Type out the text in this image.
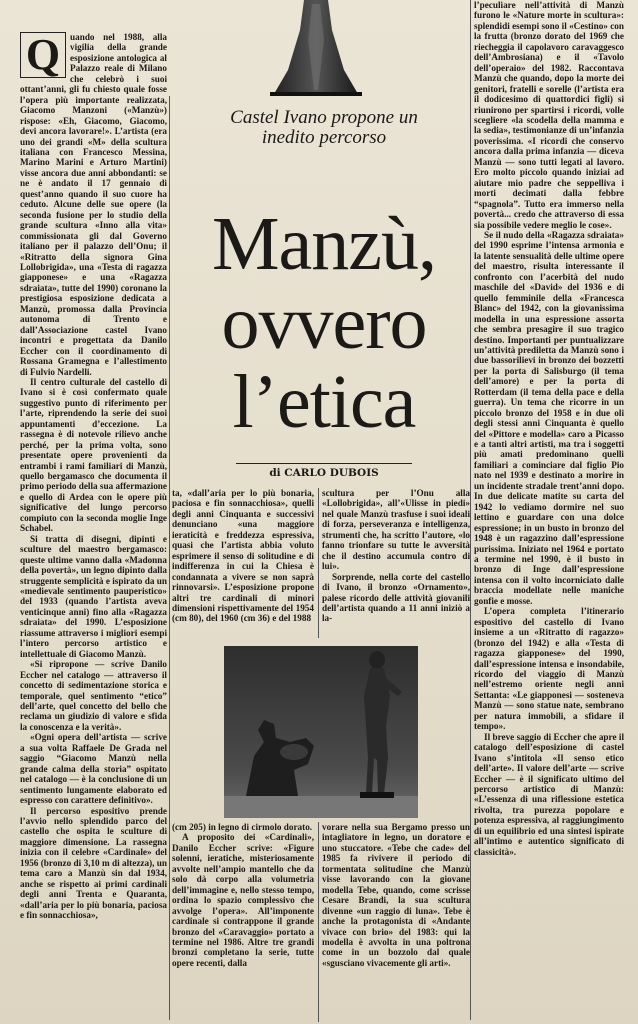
Castel Ivano propone un inedito percorso
Manzù,
ovvero
l’etica
di CARLO DUBOIS
Q	uando nel 1988, alla vigilia della grande esposizione antologica al Palazzo reale di Milano che celebrò i suoi ottant’anni, gli fu chiesto quale fosse l’opera più importante realizzata, Giacomo Manzoni («Manzù») rispose: «Eh, Giacomo, Giacomo, devi ancora lavorare!». L’artista (era uno dei grandi «M» della scultura italiana con Francesco Messina, Marino Marini e Arturo Martini) visse ancora due anni abbondanti: se ne è andato il 17 gennaio di quest’anno quando il suo cuore ha ceduto. Alcune delle sue opere (la seconda fusione per lo studio della grande scultura «Inno alla vita» commissionata gli dal Governo italiano per il palazzo dell’Onu; il «Ritratto della signora Gina Lollobrigida», una «Testa di ragazza giapponese» e una «Ragazza sdraiata», tutte del 1990) coronano la prestigiosa esposizione dedicata a Manzù, promossa dalla Provincia autonoma di Trento e dall’Associazione castel Ivano incontri e progettata da Danilo Eccher con il coordinamento di Rossana Gramegna e l’allestimento di Fulvio Nardelli.

Il centro culturale del castello di Ivano si è così confermato quale suggestivo punto di riferimento per l’arte, riprendendo la serie dei suoi appuntamenti d’eccezione. La rassegna è di notevole rilievo anche perché, per la prima volta, sono presentate opere provenienti da entrambi i rami familiari di Manzù, quello bergamasco che documenta il primo periodo della sua affermazione e quello di Ardea con le opere più significative del lungo percorso compiuto con la seconda moglie Inge Schabel.

Si tratta di disegni, dipinti e sculture del maestro bergamasco: queste ultime vanno dalla «Madonna della povertà», un legno dipinto dalla struggente semplicità e ispirato da un «medievale sentimento pauperistico» del 1933 (quando l’artista aveva venticinque anni) fino alla «Ragazza sdraiata» del 1990. L’esposizione riassume attraverso i migliori esempi l’intero percorso artistico e intellettuale di Giacomo Manzù.

«Si ripropone — scrive Danilo Eccher nel catalogo — attraverso il concetto di sedimentazione storica e temporale, quel sentimento “etico” dell’arte, quel concetto del bello che reclama un giudizio di valore e sfida la conoscenza e la verità».

«Ogni opera dell’artista — scrive a sua volta Raffaele De Grada nel saggio “Giacomo Manzù nella grande calma della storia” ospitato nel catalogo — è la conclusione di un sentimento lungamente elaborato ed espresso con carattere definitivo».

Il percorso espositivo prende l’avvio nello splendido parco del castello che ospita le sculture di maggiore dimensione. La rassegna inizia con il celebre «Cardinale» del 1956 (bronzo di 3,10 m di altezza), un tema caro a Manzù sin dal 1934, anche se rispetto ai primi cardinali degli anni Trenta e Quaranta, «dall’aria per lo più bonaria, paciosa e fin sonnacchiosa»,

ta, «dall’aria per lo più bonaria, paciosa e fin sonnacchiosa», quelli degli anni Cinquanta e successivi denunciano «una maggiore ieraticità e freddezza espressiva, quasi che l’artista abbia voluto esprimere il senso di solitudine e di indifferenza in cui la Chiesa è condannata a vivere se non saprà rinnovarsi». L’esposizione propone altri tre cardinali di minori dimensioni rispettivamente del 1954 (cm 80), del 1960 (cm 36) e del 1988

scultura per l’Onu alla «Lollobrigida», all’«Ulisse in piedi» nel quale Manzù trasfuse i suoi ideali di forza, perseveranza e intelligenza, strumenti che, ha scritto l’autore, «lo fanno trionfare su tutte le avversità che il destino accumula contro di lui».

Sorprende, nella corte del castello di Ivano, il bronzo «Ornamento», palese ricordo delle attività giovanili dell’artista quando a 11 anni iniziò a la-

(cm 205) in legno di cirmolo dorato.

A proposito dei «Cardinali», Danilo Eccher scrive: «Figure solenni, ieratiche, misteriosamente avvolte nell’ampio mantello che da solo dà corpo alla volumetria dell’immagine e, nello stesso tempo, ordina lo spazio complessivo che avvolge l’opera». All’imponente cardinale si contrappone il grande bronzo del «Caravaggio» portato a termine nel 1986. Altre tre grandi bronzi completano la serie, tutte opere recenti, dalla

vorare nella sua Bergamo presso un intagliatore in legno, un doratore e uno stuccatore. «Tebe che cade» del 1985 fa rivivere il periodo di tormentata solitudine che Manzù visse lavorando con la giovane modella Tebe, quando, come scrisse Cesare Brandi, la sua scultura divenne «un raggio di luna». Tebe è anche la protagonista di «Andante vivace con brio» del 1983: qui la modella è avvolta in una poltrona come in un bozzolo dal quale «sgusciano vivacemente gli arti».

l’peculiare nell’attività di Manzù furono le «Nature morte in scultura»: splendidi esempi sono il «Cestino» con la frutta (bronzo dorato del 1969 che riecheggia il capolavoro caravaggesco dell’Ambrosiana) e il «Tavolo dell’operaio» del 1982. Raccontava Manzù che quando, dopo la morte dei genitori, fratelli e sorelle (l’artista era il dodicesimo di quattordici figli) si riunirono per spartirsi i ricordi, volle scegliere «la scodella della mamma e la sedia», testimonianze di un’infanzia poverissima. «I ricordi che conservo ancora dalla prima infanzia — diceva Manzù — sono tutti legati al lavoro. Ero molto piccolo quando iniziai ad aiutare mio padre che seppelliva i morti decimati dalla febbre “spagnola”. Tutto era immerso nella povertà... credo che attraverso di essa sia possibile vedere meglio le cose».

Se il nudo della «Ragazza sdraiata» del 1990 esprime l’intensa armonia e la latente sensualità delle ultime opere del maestro, risulta interessante il confronto con l’acerbità del nudo maschile del «David» del 1936 e di quello femminile della «Francesca Blanc» del 1942, con la giovanissima modella in una espressione assorta che sembra presagire il suo tragico destino. Importanti per puntualizzare un’attività prediletta da Manzù sono i due bassorilievi in bronzo dei bozzetti per la porta di Salisburgo (il tema dell’amore) e per la porta di Rotterdam (il tema della pace e della guerra). Un tema che ricorre in un piccolo bronzo del 1958 e in due oli degli stessi anni Cinquanta è quello del «Pittore e modella» caro a Picasso e a tanti altri artisti, ma tra i soggetti più amati predominano quelli familiari a cominciare dal figlio Pio nato nel 1939 e destinato a morire in un incidente stradale trent’anni dopo. In due delicate matite su carta del 1942 lo vediamo dormire nel suo lettino e guardare con una dolce espressione; in un busto in bronzo del 1948 è un ragazzino dall’espressione purissima. Iniziato nel 1964 e portato a termine nel 1990, è il busto in bronzo di Inge dall’espressione intensa con il volto incorniciato dalle braccia modellate nelle maniche gonfie e mosse.

L’opera completa l’itinerario espositivo del castello di Ivano insieme a un «Ritratto di ragazzo» (bronzo del 1942) e alla «Testa di ragazza giapponese» del 1990, dall’espressione intensa e insondabile, ricordo del viaggio di Manzù nell’estremo oriente negli anni Settanta: «Le giapponesi — sosteneva Manzù — sono statue nate, sembrano per natura immobili, a sfidare il tempo».

Il breve saggio di Eccher che apre il catalogo dell’esposizione di castel Ivano s’intitola «Il senso etico dell’arte». Il valore dell’arte — scrive Eccher — è il significato ultimo del percorso artistico di Manzù: «L’essenza di una riflessione estetica rivolta, tra purezza popolare e potenza espressiva, al raggiungimento di un equilibrio ed una sintesi ispirate all’intimo e autentico significato di classicità».
